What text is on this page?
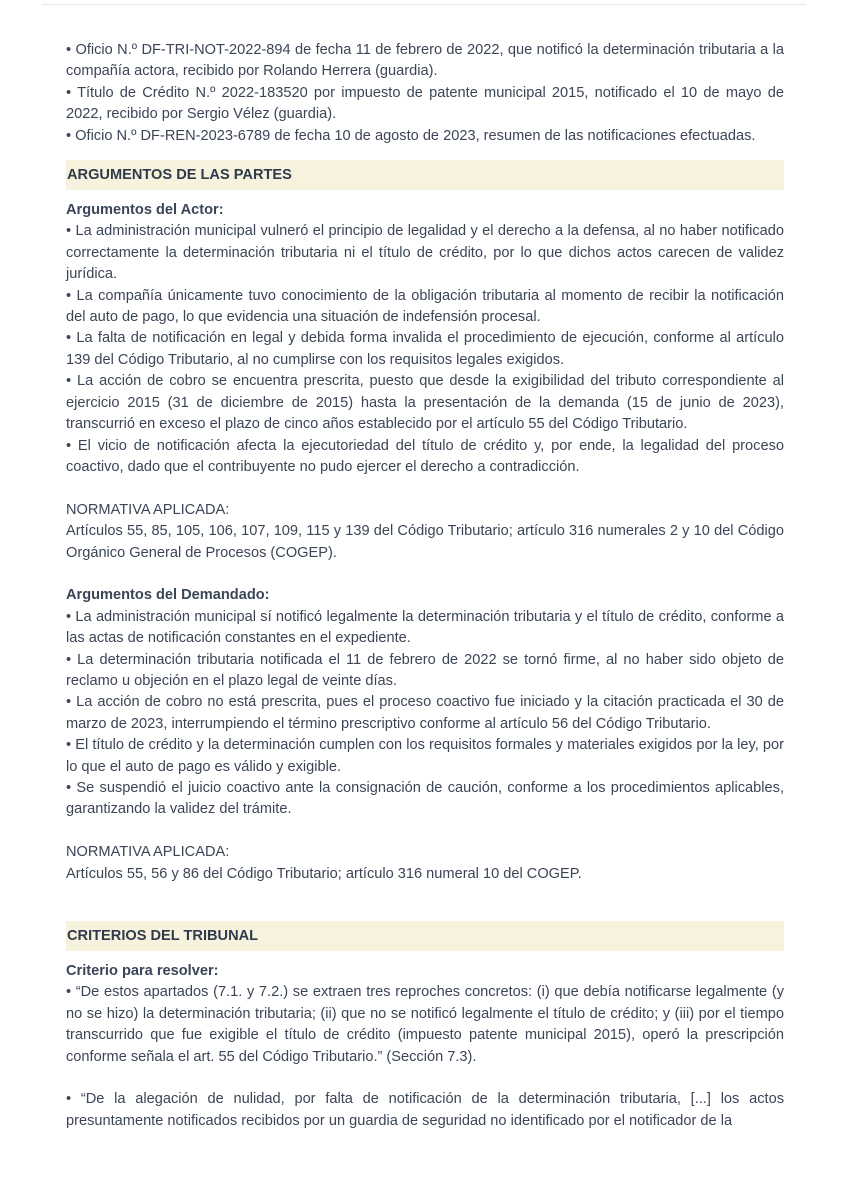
• Oficio N.º DF-TRI-NOT-2022-894 de fecha 11 de febrero de 2022, que notificó la determinación tributaria a la compañía actora, recibido por Rolando Herrera (guardia).

• Título de Crédito N.º 2022-183520 por impuesto de patente municipal 2015, notificado el 10 de mayo de 2022, recibido por Sergio Vélez (guardia).

• Oficio N.º DF-REN-2023-6789 de fecha 10 de agosto de 2023, resumen de las notificaciones efectuadas.

ARGUMENTOS DE LAS PARTES

Argumentos del Actor:

• La administración municipal vulneró el principio de legalidad y el derecho a la defensa, al no haber notificado correctamente la determinación tributaria ni el título de crédito, por lo que dichos actos carecen de validez jurídica.

• La compañía únicamente tuvo conocimiento de la obligación tributaria al momento de recibir la notificación del auto de pago, lo que evidencia una situación de indefensión procesal.

• La falta de notificación en legal y debida forma invalida el procedimiento de ejecución, conforme al artículo 139 del Código Tributario, al no cumplirse con los requisitos legales exigidos.

• La acción de cobro se encuentra prescrita, puesto que desde la exigibilidad del tributo correspondiente al ejercicio 2015 (31 de diciembre de 2015) hasta la presentación de la demanda (15 de junio de 2023), transcurrió en exceso el plazo de cinco años establecido por el artículo 55 del Código Tributario.

• El vicio de notificación afecta la ejecutoriedad del título de crédito y, por ende, la legalidad del proceso coactivo, dado que el contribuyente no pudo ejercer el derecho a contradicción.

NORMATIVA APLICADA:

Artículos 55, 85, 105, 106, 107, 109, 115 y 139 del Código Tributario; artículo 316 numerales 2 y 10 del Código Orgánico General de Procesos (COGEP).

Argumentos del Demandado:

• La administración municipal sí notificó legalmente la determinación tributaria y el título de crédito, conforme a las actas de notificación constantes en el expediente.

• La determinación tributaria notificada el 11 de febrero de 2022 se tornó firme, al no haber sido objeto de reclamo u objeción en el plazo legal de veinte días.

• La acción de cobro no está prescrita, pues el proceso coactivo fue iniciado y la citación practicada el 30 de marzo de 2023, interrumpiendo el término prescriptivo conforme al artículo 56 del Código Tributario.

• El título de crédito y la determinación cumplen con los requisitos formales y materiales exigidos por la ley, por lo que el auto de pago es válido y exigible.

• Se suspendió el juicio coactivo ante la consignación de caución, conforme a los procedimientos aplicables, garantizando la validez del trámite.

NORMATIVA APLICADA:

Artículos 55, 56 y 86 del Código Tributario; artículo 316 numeral 10 del COGEP.

CRITERIOS DEL TRIBUNAL

Criterio para resolver:

• “De estos apartados (7.1. y 7.2.) se extraen tres reproches concretos: (i) que debía notificarse legalmente (y no se hizo) la determinación tributaria; (ii) que no se notificó legalmente el título de crédito; y (iii) por el tiempo transcurrido que fue exigible el título de crédito (impuesto patente municipal 2015), operó la prescripción conforme señala el art. 55 del Código Tributario.” (Sección 7.3).

• “De la alegación de nulidad, por falta de notificación de la determinación tributaria, [...] los actos presuntamente notificados recibidos por un guardia de seguridad no identificado por el notificador de la
